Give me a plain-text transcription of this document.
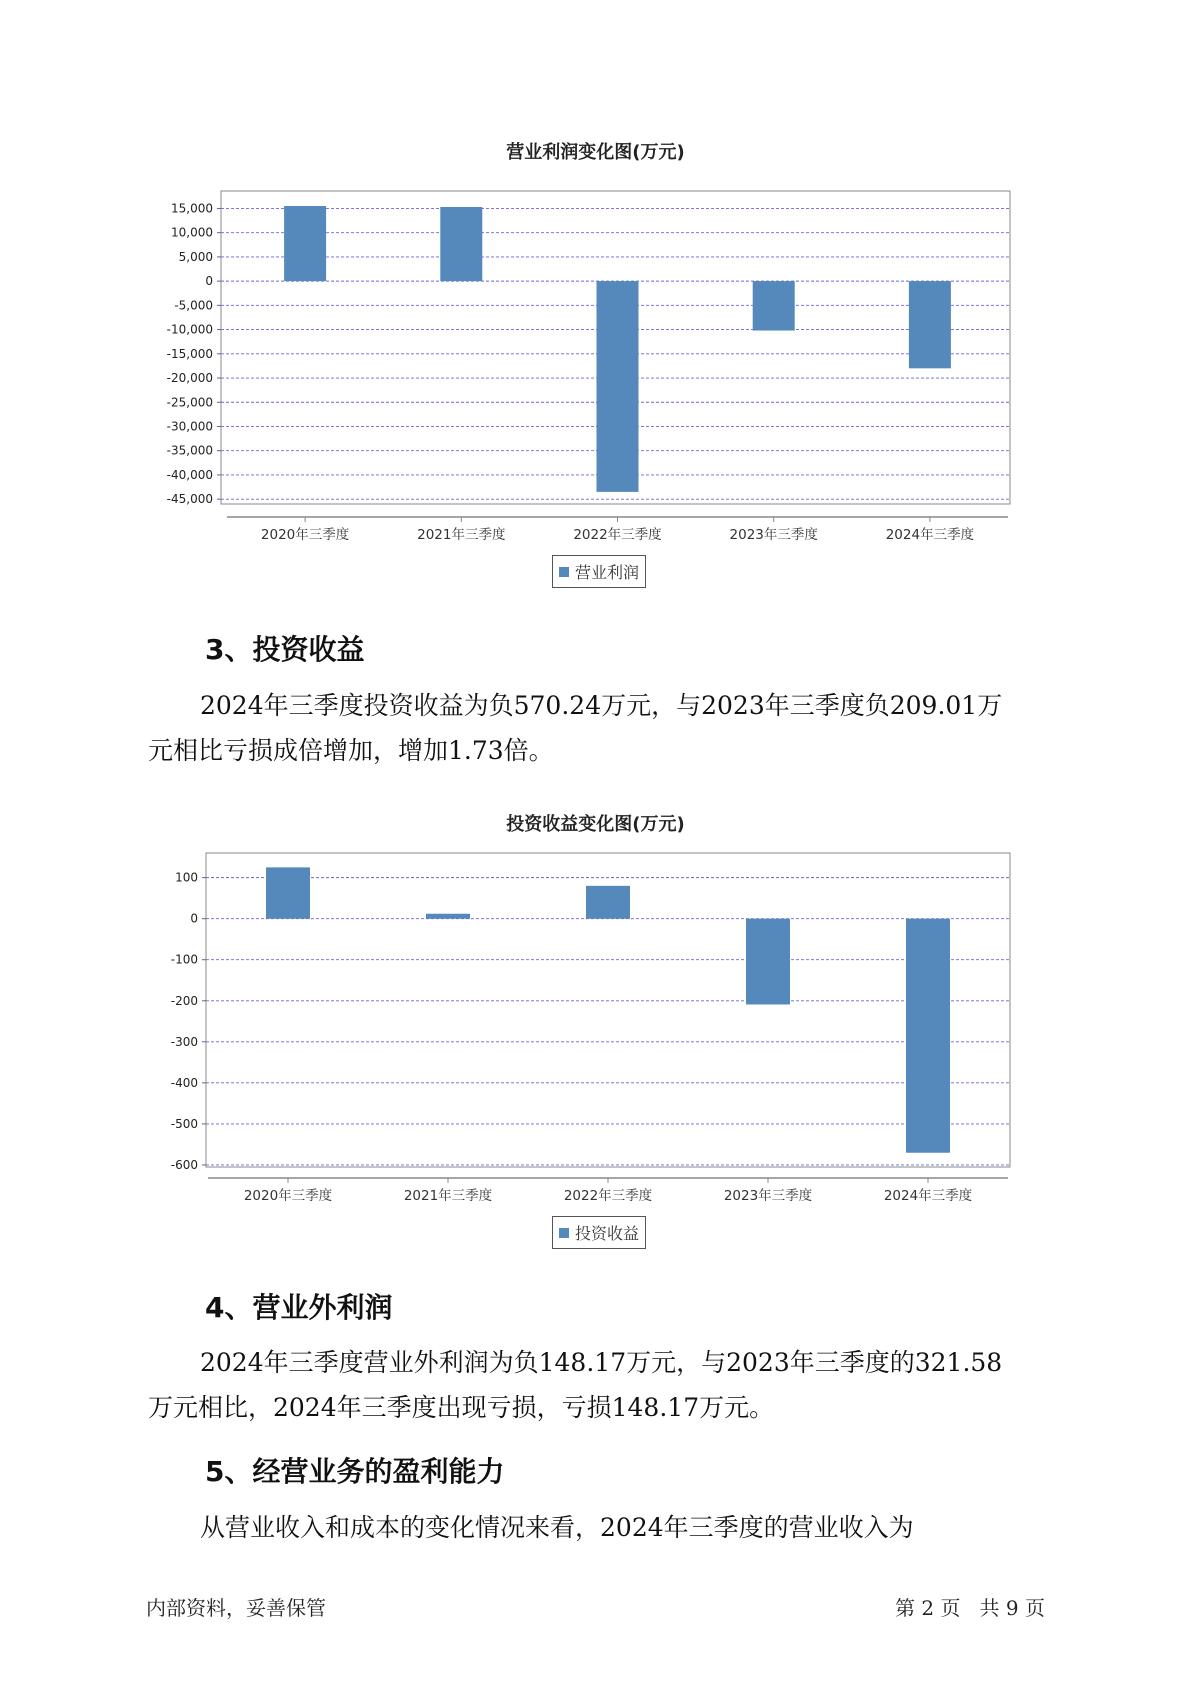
营业利润变化图(万元)
15,000
10,000
5,000
0
-5,000
-10,000
-15,000
-20,000
-25,000
-30,000
-35,000
-40,000
-45,000
2020年三季度	2021年三季度	2022年三季度	2023年三季度	2024年三季度
营业利润
3、投资收益

2024年三季度投资收益为负570.24万元，与2023年三季度负209.01万
元相比亏损成倍增加，增加1.73倍。

投资收益变化图(万元)
100
0
-100
-200
-300
-400
-500
-600
2020年三季度	2021年三季度	2022年三季度	2023年三季度	2024年三季度
投资收益
4、营业外利润

2024年三季度营业外利润为负148.17万元，与2023年三季度的321.58
万元相比，2024年三季度出现亏损，亏损148.17万元。

5、经营业务的盈利能力

从营业收入和成本的变化情况来看，2024年三季度的营业收入为

内部资料，妥善保管	第 2 页   共 9 页
